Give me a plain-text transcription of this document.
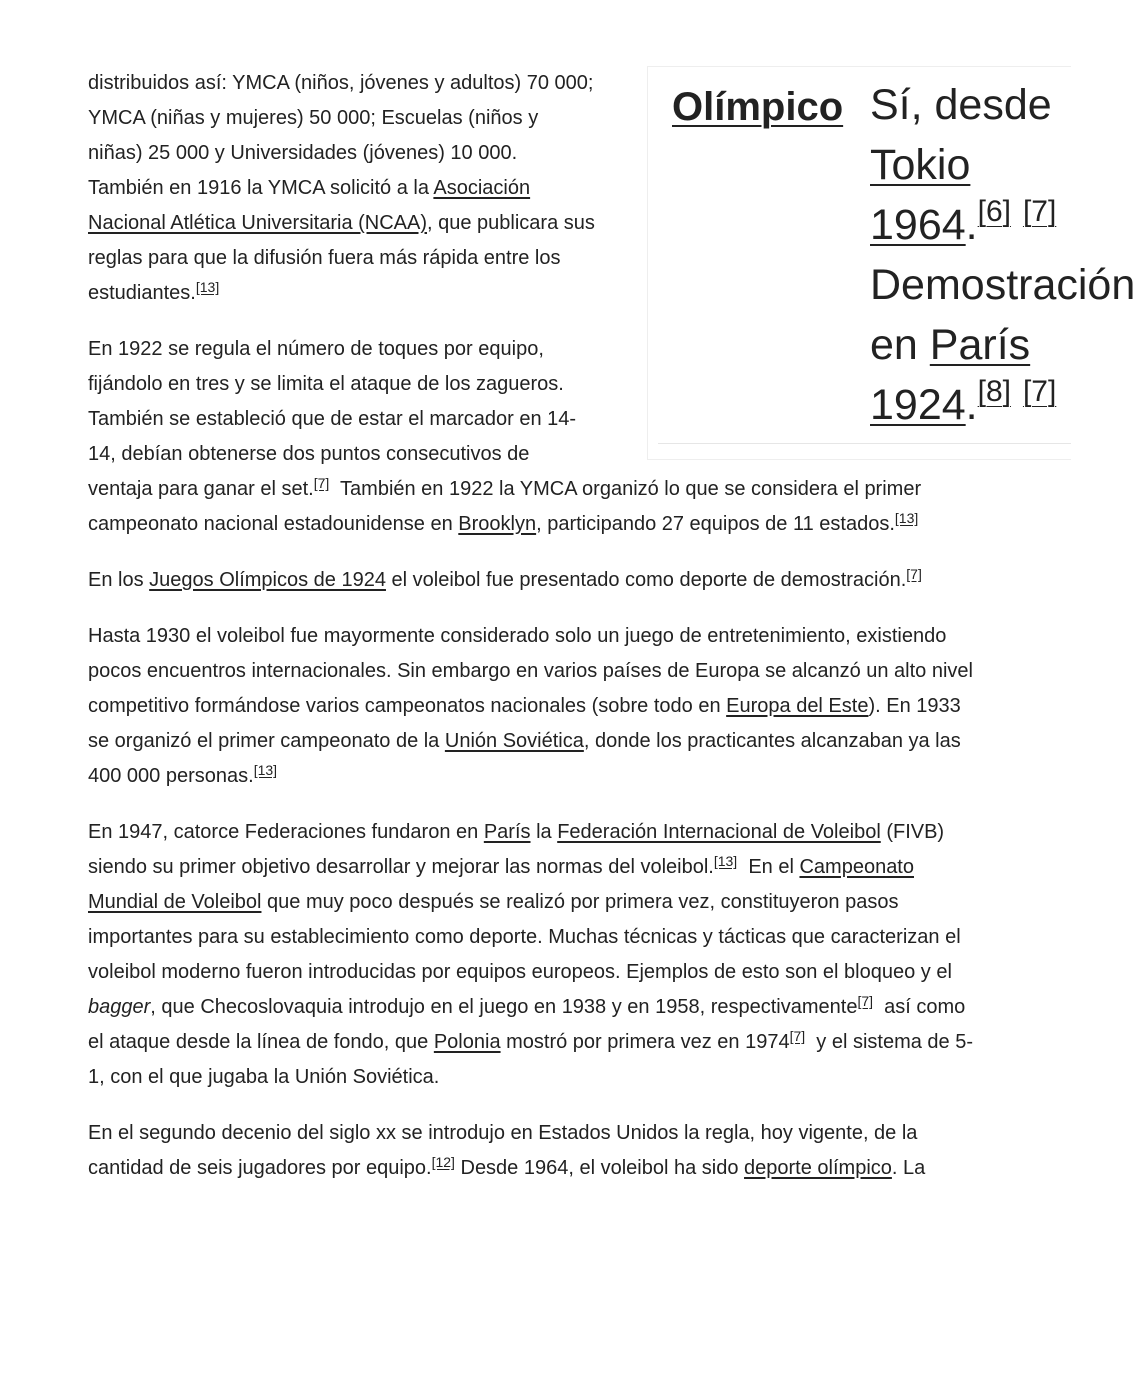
Olímpico Sí, desde
Tokio
1964.[6] [7]
Demostración
en París
1924.[8] [7]

distribuidos así: YMCA (niños, jóvenes y adultos) 70 000; YMCA (niñas y mujeres) 50 000; Escuelas (niños y niñas) 25 000 y Universidades (jóvenes) 10 000. También en 1916 la YMCA solicitó a la Asociación Nacional Atlética Universitaria (NCAA), que publicara sus reglas para que la difusión fuera más rápida entre los estudiantes.[13]

En 1922 se regula el número de toques por equipo, fijándolo en tres y se limita el ataque de los zagueros. También se estableció que de estar el marcador en 14-14, debían obtenerse dos puntos consecutivos de ventaja para ganar el set.[7]  También en 1922 la YMCA organizó lo que se considera el primer campeonato nacional estadounidense en Brooklyn, participando 27 equipos de 11 estados.[13]

En los Juegos Olímpicos de 1924 el voleibol fue presentado como deporte de demostración.[7]

Hasta 1930 el voleibol fue mayormente considerado solo un juego de entretenimiento, existiendo pocos encuentros internacionales. Sin embargo en varios países de Europa se alcanzó un alto nivel competitivo formándose varios campeonatos nacionales (sobre todo en Europa del Este). En 1933 se organizó el primer campeonato de la Unión Soviética, donde los practicantes alcanzaban ya las 400 000 personas.[13]

En 1947, catorce Federaciones fundaron en París la Federación Internacional de Voleibol (FIVB) siendo su primer objetivo desarrollar y mejorar las normas del voleibol.[13]  En el Campeonato Mundial de Voleibol que muy poco después se realizó por primera vez, constituyeron pasos importantes para su establecimiento como deporte. Muchas técnicas y tácticas que caracterizan el voleibol moderno fueron introducidas por equipos europeos. Ejemplos de esto son el bloqueo y el bagger, que Checoslovaquia introdujo en el juego en 1938 y en 1958, respectivamente[7]  así como el ataque desde la línea de fondo, que Polonia mostró por primera vez en 1974[7]  y el sistema de 5-1, con el que jugaba la Unión Soviética.

En el segundo decenio del siglo xx se introdujo en Estados Unidos la regla, hoy vigente, de la cantidad de seis jugadores por equipo.[12] Desde 1964, el voleibol ha sido deporte olímpico. La
